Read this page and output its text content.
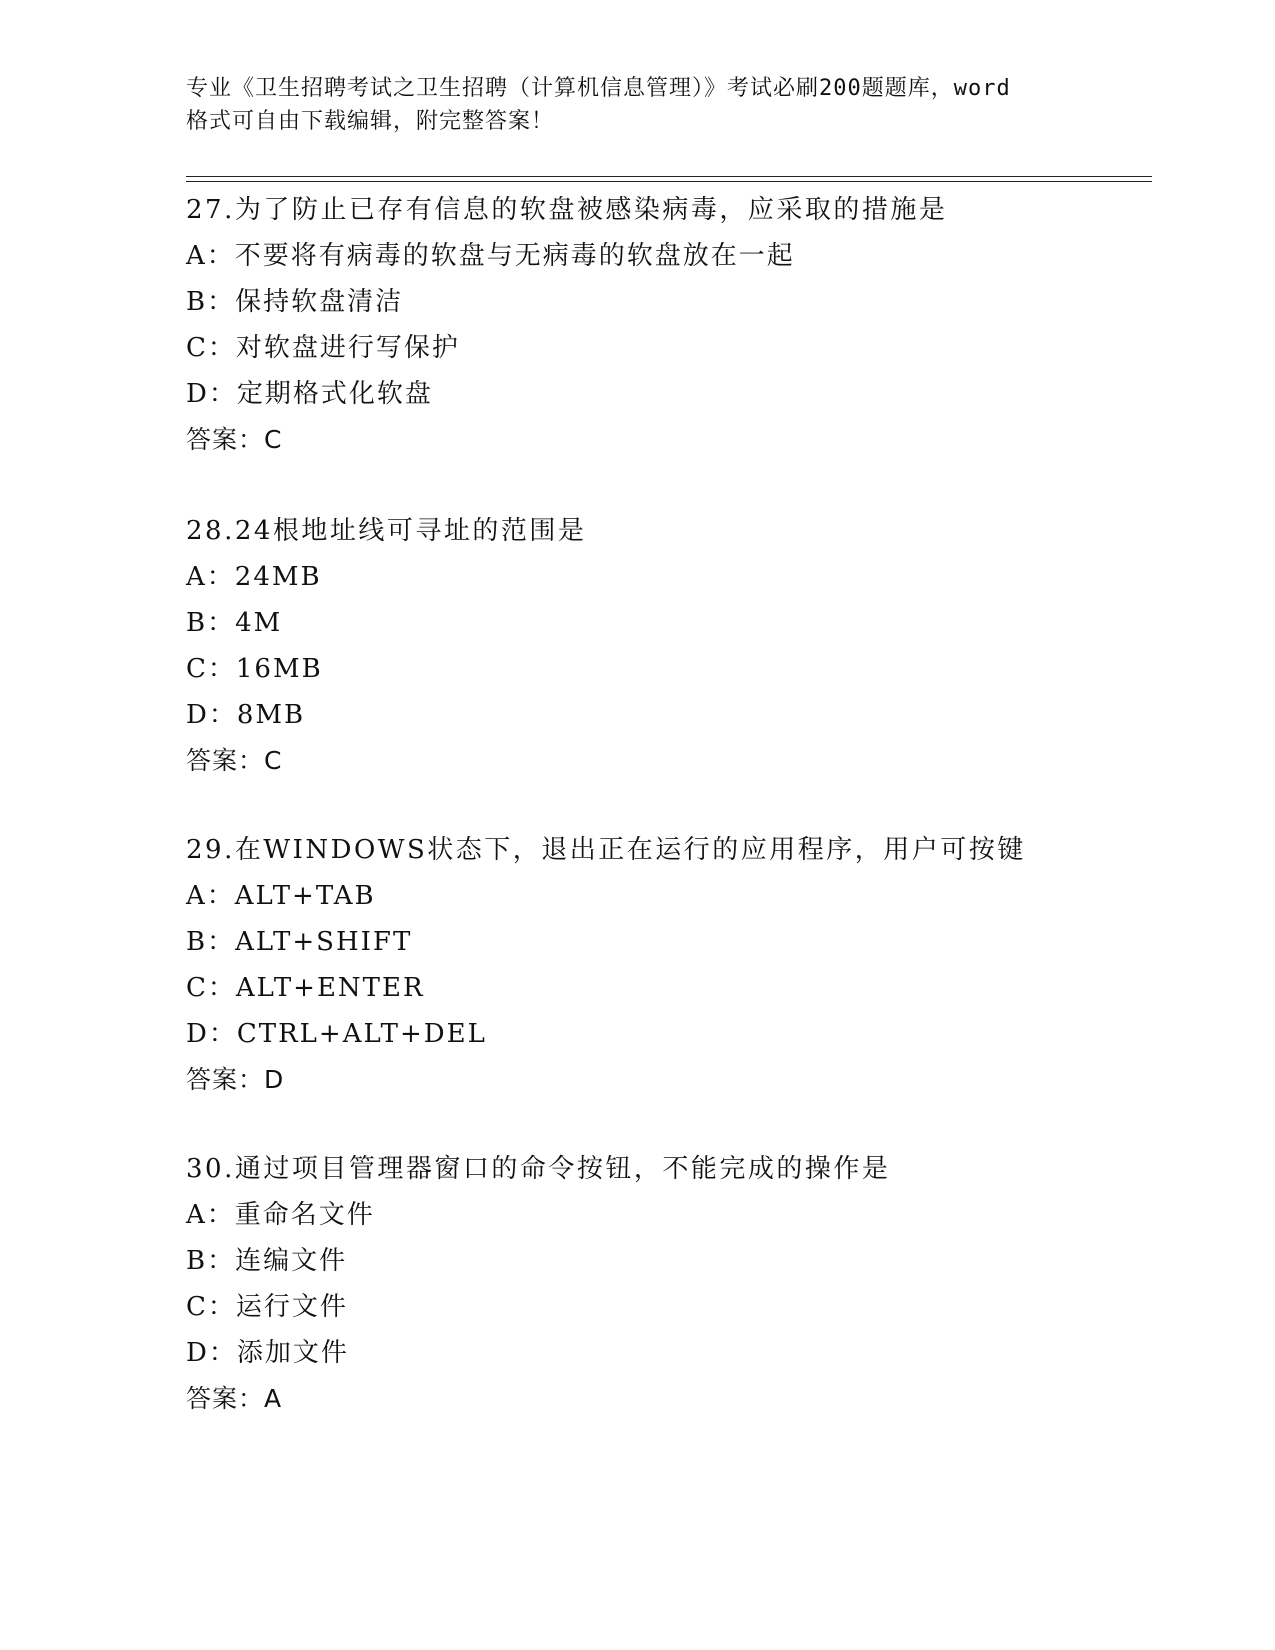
专业《卫生招聘考试之卫生招聘（计算机信息管理）》考试必刷200题题库，word
格式可自由下载编辑，附完整答案！
27.为了防止已存有信息的软盘被感染病毒，应采取的措施是
A：不要将有病毒的软盘与无病毒的软盘放在一起
B：保持软盘清洁
C：对软盘进行写保护
D：定期格式化软盘
答案：C
28.24根地址线可寻址的范围是
A：24MB
B：4M
C：16MB
D：8MB
答案：C
29.在WINDOWS状态下，退出正在运行的应用程序，用户可按键
A：ALT+TAB
B：ALT+SHIFT
C：ALT+ENTER
D：CTRL+ALT+DEL
答案：D
30.通过项目管理器窗口的命令按钮，不能完成的操作是
A：重命名文件
B：连编文件
C：运行文件
D：添加文件
答案：A
